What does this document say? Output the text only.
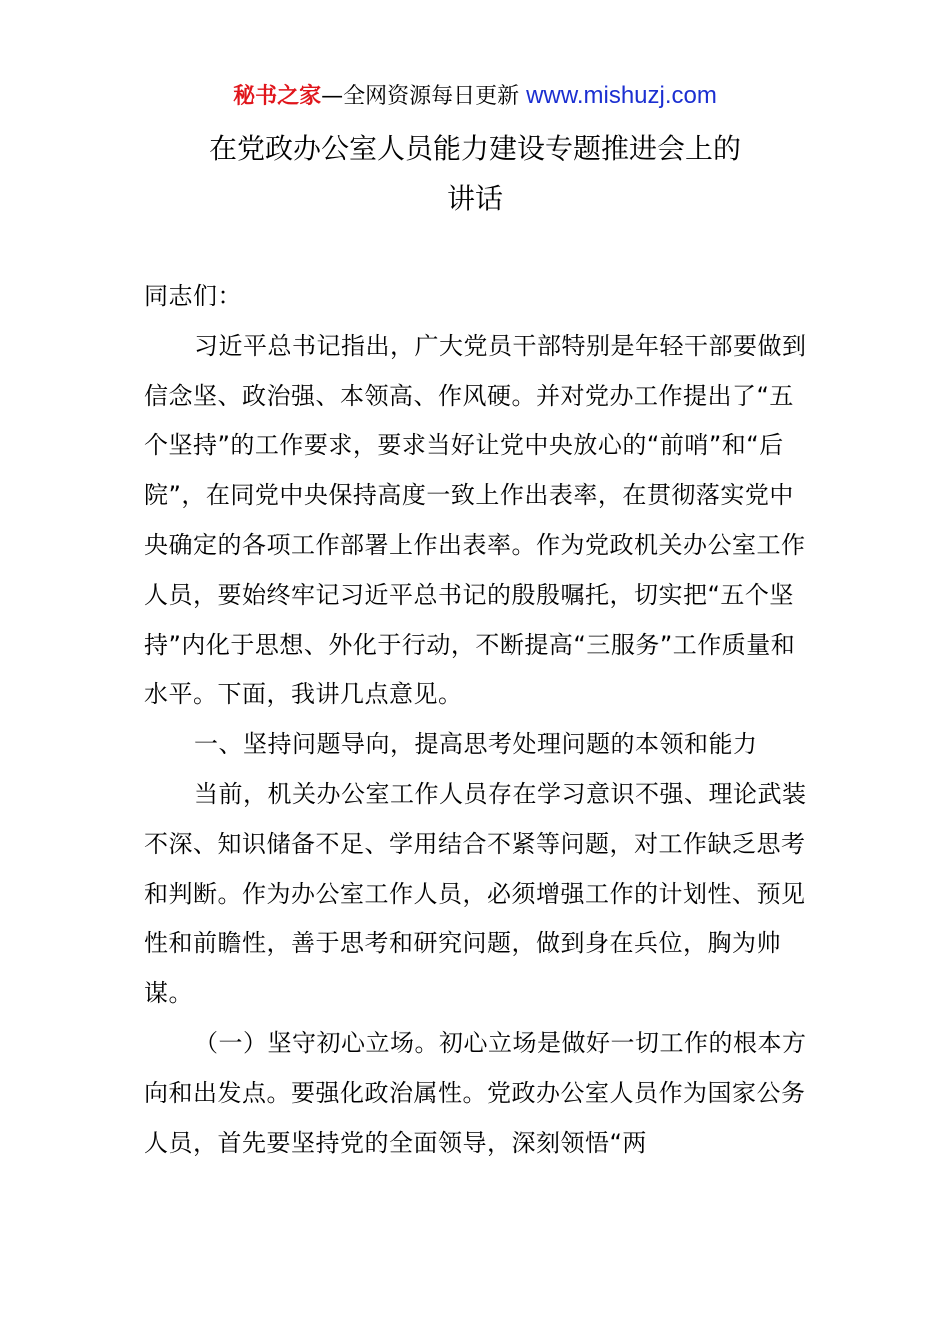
秘书之家—全网资源每日更新 www.mishuzj.com
在党政办公室人员能力建设专题推进会上的
讲话

同志们：

习近平总书记指出，广大党员干部特别是年轻干部要做到信念坚、政治强、本领高、作风硬。并对党办工作提出了“五个坚持”的工作要求，要求当好让党中央放心的“前哨”和“后院”，在同党中央保持高度一致上作出表率，在贯彻落实党中央确定的各项工作部署上作出表率。作为党政机关办公室工作人员，要始终牢记习近平总书记的殷殷嘱托，切实把“五个坚持”内化于思想、外化于行动，不断提高“三服务”工作质量和水平。下面，我讲几点意见。

一、坚持问题导向，提高思考处理问题的本领和能力

当前，机关办公室工作人员存在学习意识不强、理论武装不深、知识储备不足、学用结合不紧等问题，对工作缺乏思考和判断。作为办公室工作人员，必须增强工作的计划性、预见性和前瞻性，善于思考和研究问题，做到身在兵位，胸为帅谋。

（一）坚守初心立场。初心立场是做好一切工作的根本方向和出发点。要强化政治属性。党政办公室人员作为国家公务人员，首先要坚持党的全面领导，深刻领悟“两
